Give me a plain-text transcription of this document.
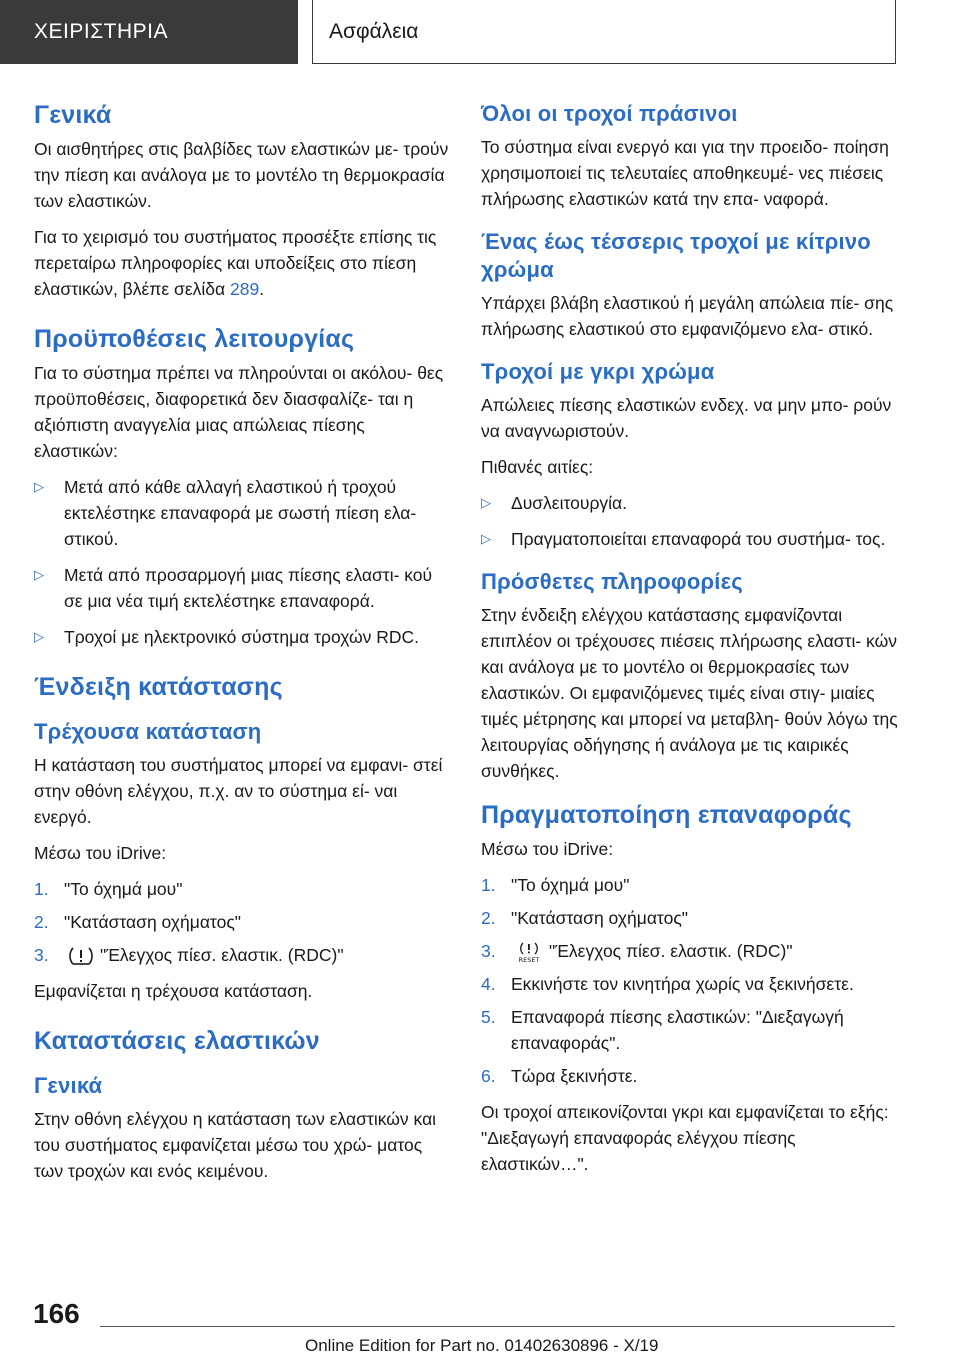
ΧΕΙΡΙΣΤΗΡΙΑ	Ασφάλεια
Γενικά

Οι αισθητήρες στις βαλβίδες των ελαστικών με- τρούν την πίεση και ανάλογα με το μοντέλο τη θερμοκρασία των ελαστικών.

Για το χειρισμό του συστήματος προσέξτε επίσης τις περεταίρω πληροφορίες και υποδείξεις στο πίεση ελαστικών, βλέπε σελίδα 289.

Προϋποθέσεις λειτουργίας

Για το σύστημα πρέπει να πληρούνται οι ακόλου- θες προϋποθέσεις, διαφορετικά δεν διασφαλίζε- ται η αξιόπιστη αναγγελία μιας απώλειας πίεσης ελαστικών:

▷ Μετά από κάθε αλλαγή ελαστικού ή τροχού εκτελέστηκε επαναφορά με σωστή πίεση ελα- στικού.
▷ Μετά από προσαρμογή μιας πίεσης ελαστι- κού σε μια νέα τιμή εκτελέστηκε επαναφορά.
▷ Τροχοί με ηλεκτρονικό σύστημα τροχών RDC.
Ένδειξη κατάστασης
Τρέχουσα κατάσταση

Η κατάσταση του συστήματος μπορεί να εμφανι- στεί στην οθόνη ελέγχου, π.χ. αν το σύστημα εί- ναι ενεργό.

Μέσω του iDrive:

1. "Το όχημά μου"
2. "Κατάσταση οχήματος"
3.	"Έλεγχος πίεσ. ελαστικ. (RDC)"

Εμφανίζεται η τρέχουσα κατάσταση.

Καταστάσεις ελαστικών
Γενικά

Στην οθόνη ελέγχου η κατάσταση των ελαστικών και του συστήματος εμφανίζεται μέσω του χρώ- ματος των τροχών και ενός κειμένου.

Όλοι οι τροχοί πράσινοι

Το σύστημα είναι ενεργό και για την προειδο- ποίηση χρησιμοποιεί τις τελευταίες αποθηκευμέ- νες πιέσεις πλήρωσης ελαστικών κατά την επα- ναφορά.

Ένας έως τέσσερις τροχοί με κίτρινο χρώμα

Υπάρχει βλάβη ελαστικού ή μεγάλη απώλεια πίε- σης πλήρωσης ελαστικού στο εμφανιζόμενο ελα- στικό.

Τροχοί με γκρι χρώμα

Απώλειες πίεσης ελαστικών ενδεχ. να μην μπο- ρούν να αναγνωριστούν.

Πιθανές αιτίες:

▷ Δυσλειτουργία.
▷ Πραγματοποιείται επαναφορά του συστήμα- τος.
Πρόσθετες πληροφορίες

Στην ένδειξη ελέγχου κατάστασης εμφανίζονται επιπλέον οι τρέχουσες πιέσεις πλήρωσης ελαστι- κών και ανάλογα με το μοντέλο οι θερμοκρασίες των ελαστικών. Οι εμφανιζόμενες τιμές είναι στιγ- μιαίες τιμές μέτρησης και μπορεί να μεταβλη- θούν λόγω της λειτουργίας οδήγησης ή ανάλογα με τις καιρικές συνθήκες.

Πραγματοποίηση επαναφοράς

Μέσω του iDrive:

1. "Το όχημά μου"
2. "Κατάσταση οχήματος"
3.	RESET "Έλεγχος πίεσ. ελαστικ. (RDC)"
4. Εκκινήστε τον κινητήρα χωρίς να ξεκινήσετε.
5. Επαναφορά πίεσης ελαστικών: "Διεξαγωγή επαναφοράς".
6. Τώρα ξεκινήστε.

Οι τροχοί απεικονίζονται γκρι και εμφανίζεται το εξής: "Διεξαγωγή επαναφοράς ελέγχου πίεσης ελαστικών…".

166
Online Edition for Part no. 01402630896 - X/19
